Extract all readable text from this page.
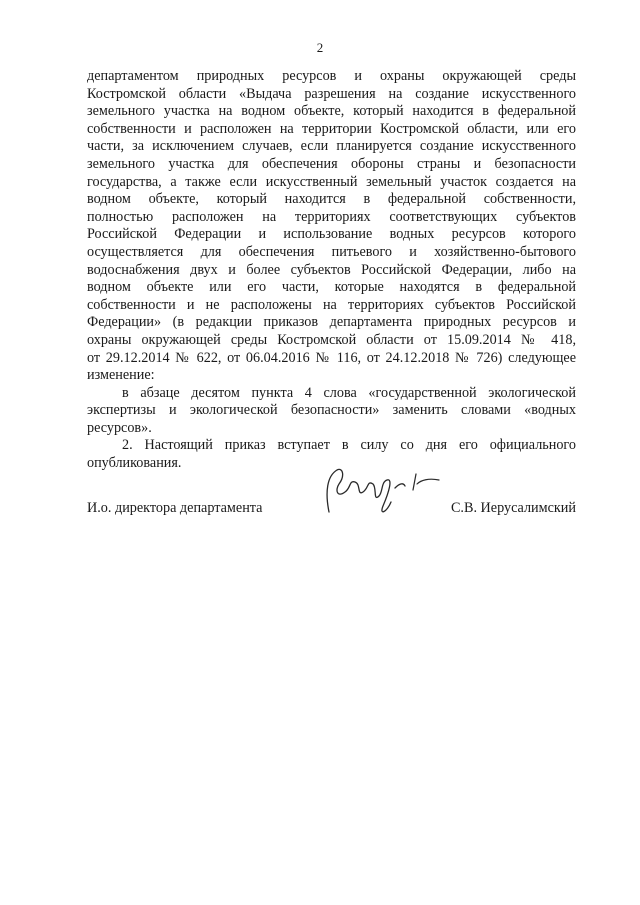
2
департаментом природных ресурсов и охраны окружающей среды
Костромской области «Выдача разрешения на создание искусственного
земельного участка на водном объекте, который находится в федеральной
собственности и расположен на территории Костромской области, или его
части, за исключением случаев, если планируется создание искусственного
земельного участка для обеспечения обороны страны и безопасности
государства, а также если искусственный земельный участок создается на
водном объекте, который находится в федеральной собственности,
полностью расположен на территориях соответствующих субъектов
Российской Федерации и использование водных ресурсов которого
осуществляется для обеспечения питьевого и хозяйственно-бытового
водоснабжения двух и более субъектов Российской Федерации, либо на
водном объекте или его части, которые находятся в федеральной
собственности и не расположены на территориях субъектов Российской
Федерации» (в редакции приказов департамента природных ресурсов и
охраны окружающей среды Костромской области от 15.09.2014 № 418,
от 29.12.2014 № 622, от 06.04.2016 № 116, от 24.12.2018 № 726) следующее
изменение:
в абзаце десятом пункта 4 слова «государственной экологической
экспертизы и экологической безопасности» заменить словами «водных
ресурсов».
2. Настоящий приказ вступает в силу со дня его официального
опубликования.
И.о. директора департамента	С.В. Иерусалимский
